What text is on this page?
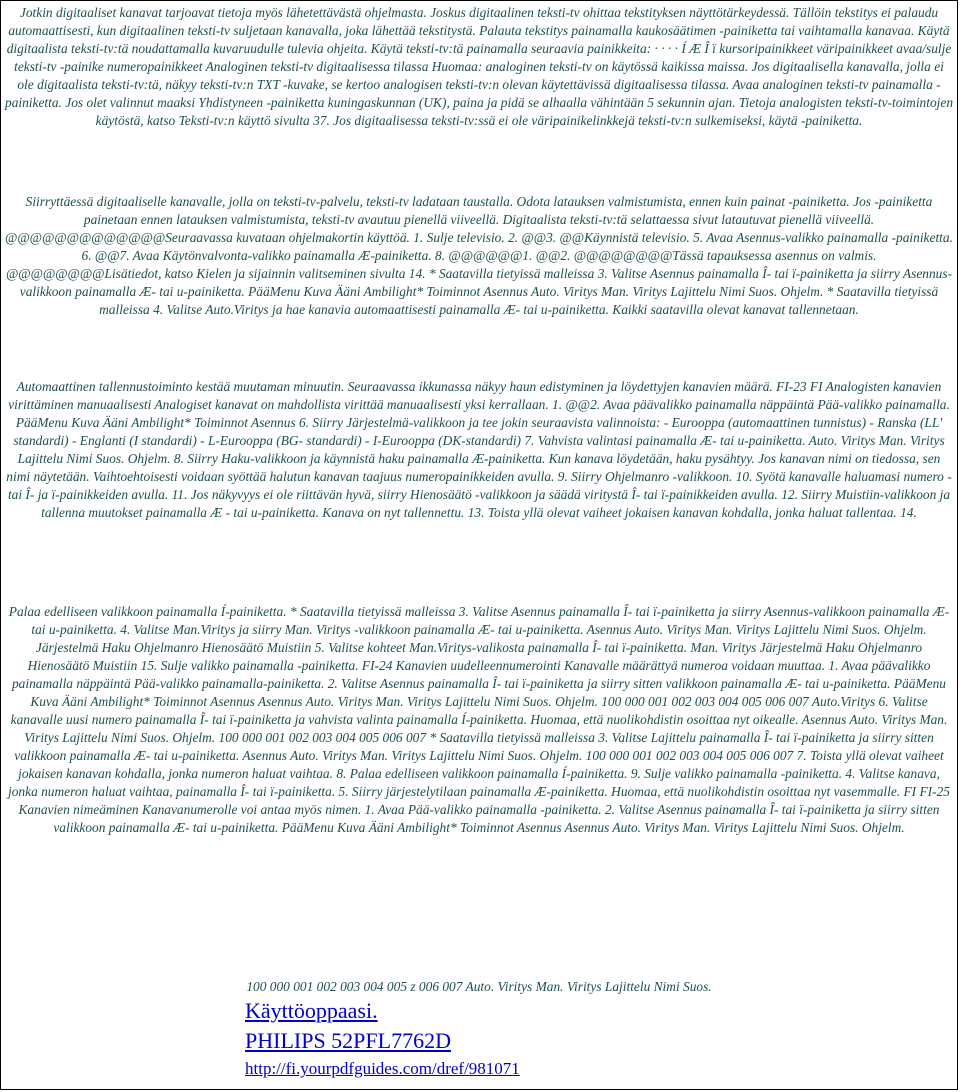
Jotkin digitaaliset kanavat tarjoavat tietoja myös lähetettävästä ohjelmasta. Joskus digitaalinen teksti-tv ohittaa tekstityksen näyttötärkeydessä. Tällöin tekstitys ei palaudu automaattisesti, kun digitaalinen teksti-tv suljetaan kanavalla, joka lähettää tekstitystä. Palauta tekstitys painamalla kaukosäätimen -painiketta tai vaihtamalla kanavaa. Käytä digitaalista teksti-tv:tä noudattamalla kuvaruudulle tulevia ohjeita. Käytä teksti-tv:tä painamalla seuraavia painikkeita: · · · · Í Æ Î ï kursoripainikkeet väripainikkeet avaa/sulje teksti-tv -painike numeropainikkeet Analoginen teksti-tv digitaalisessa tilassa Huomaa: analoginen teksti-tv on käytössä kaikissa maissa. Jos digitaalisella kanavalla, jolla ei ole digitaalista teksti-tv:tä, näkyy teksti-tv:n TXT -kuvake, se kertoo analogisen teksti-tv:n olevan käytettävissä digitaalisessa tilassa. Avaa analoginen teksti-tv painamalla -painiketta. Jos olet valinnut maaksi Yhdistyneen -painiketta kuningaskunnan (UK), paina ja pidä se alhaalla vähintään 5 sekunnin ajan. Tietoja analogisten teksti-tv-toimintojen käytöstä, katso Teksti-tv:n käyttö sivulta 37. Jos digitaalisessa teksti-tv:ssä ei ole väripainikelinkkejä teksti-tv:n sulkemiseksi, käytä -painiketta.

Siirryttäessä digitaaliselle kanavalle, jolla on teksti-tv-palvelu, teksti-tv ladataan taustalla. Odota latauksen valmistumista, ennen kuin painat -painiketta. Jos -painiketta painetaan ennen latauksen valmistumista, teksti-tv avautuu pienellä viiveellä. Digitaalista teksti-tv:tä selattaessa sivut latautuvat pienellä viiveellä. @@@@@@@@@@@@@Seuraavassa kuvataan ohjelmakortin käyttöä. 1. Sulje televisio. 2. @@3. @@Käynnistä televisio. 5. Avaa Asennus-valikko painamalla -painiketta. 6. @@7. Avaa Käytönvalvonta-valikko painamalla Æ-painiketta. 8. @@@@@@1. @@2. @@@@@@@@Tässä tapauksessa asennus on valmis. @@@@@@@@Lisätiedot, katso Kielen ja sijainnin valitseminen sivulta 14. * Saatavilla tietyissä malleissa 3. Valitse Asennus painamalla Î- tai ï-painiketta ja siirry Asennus-valikkoon painamalla Æ- tai u-painiketta. PääMenu Kuva Ääni Ambilight* Toiminnot Asennus Auto. Viritys Man. Viritys Lajittelu Nimi Suos. Ohjelm. * Saatavilla tietyissä malleissa 4. Valitse Auto.Viritys ja hae kanavia automaattisesti painamalla Æ- tai u-painiketta. Kaikki saatavilla olevat kanavat tallennetaan.

Automaattinen tallennustoiminto kestää muutaman minuutin. Seuraavassa ikkunassa näkyy haun edistyminen ja löydettyjen kanavien määrä. FI-23 FI Analogisten kanavien virittäminen manuaalisesti Analogiset kanavat on mahdollista virittää manuaalisesti yksi kerrallaan. 1. @@2. Avaa päävalikko painamalla näppäintä Pää-valikko painamalla. PääMenu Kuva Ääni Ambilight* Toiminnot Asennus 6. Siirry Järjestelmä-valikkoon ja tee jokin seuraavista valinnoista: - Eurooppa (automaattinen tunnistus) - Ranska (LL' standardi) - Englanti (I standardi) - L-Eurooppa (BG- standardi) - I-Eurooppa (DK-standardi) 7. Vahvista valintasi painamalla Æ- tai u-painiketta. Auto. Viritys Man. Viritys Lajittelu Nimi Suos. Ohjelm. 8. Siirry Haku-valikkoon ja käynnistä haku painamalla Æ-painiketta. Kun kanava löydetään, haku pysähtyy. Jos kanavan nimi on tiedossa, sen nimi näytetään. Vaihtoehtoisesti voidaan syöttää halutun kanavan taajuus numeropainikkeiden avulla. 9. Siirry Ohjelmanro -valikkoon. 10. Syötä kanavalle haluamasi numero - tai Î- ja ï-painikkeiden avulla. 11. Jos näkyvyys ei ole riittävän hyvä, siirry Hienosäätö -valikkoon ja säädä viritystä Î- tai ï-painikkeiden avulla. 12. Siirry Muistiin-valikkoon ja tallenna muutokset painamalla Æ - tai u-painiketta. Kanava on nyt tallennettu. 13. Toista yllä olevat vaiheet jokaisen kanavan kohdalla, jonka haluat tallentaa. 14.

Palaa edelliseen valikkoon painamalla Í-painiketta. * Saatavilla tietyissä malleissa 3. Valitse Asennus painamalla Î- tai ï-painiketta ja siirry Asennus-valikkoon painamalla Æ- tai u-painiketta. 4. Valitse Man.Viritys ja siirry Man. Viritys -valikkoon painamalla Æ- tai u-painiketta. Asennus Auto. Viritys Man. Viritys Lajittelu Nimi Suos. Ohjelm. Järjestelmä Haku Ohjelmanro Hienosäätö Muistiin 5. Valitse kohteet Man.Viritys-valikosta painamalla Î- tai ï-painiketta. Man. Viritys Järjestelmä Haku Ohjelmanro Hienosäätö Muistiin 15. Sulje valikko painamalla -painiketta. FI-24 Kanavien uudelleennumerointi Kanavalle määrättyä numeroa voidaan muuttaa. 1. Avaa päävalikko painamalla näppäintä Pää-valikko painamalla-painiketta. 2. Valitse Asennus painamalla Î- tai ï-painiketta ja siirry sitten valikkoon painamalla Æ- tai u-painiketta. PääMenu Kuva Ääni Ambilight* Toiminnot Asennus Asennus Auto. Viritys Man. Viritys Lajittelu Nimi Suos. Ohjelm. 100 000 001 002 003 004 005 006 007 Auto.Viritys 6. Valitse kanavalle uusi numero painamalla Î- tai ï-painiketta ja vahvista valinta painamalla Í-painiketta. Huomaa, että nuolikohdistin osoittaa nyt oikealle. Asennus Auto. Viritys Man. Viritys Lajittelu Nimi Suos. Ohjelm. 100 000 001 002 003 004 005 006 007 * Saatavilla tietyissä malleissa 3. Valitse Lajittelu painamalla Î- tai ï-painiketta ja siirry sitten valikkoon painamalla Æ- tai u-painiketta. Asennus Auto. Viritys Man. Viritys Lajittelu Nimi Suos. Ohjelm. 100 000 001 002 003 004 005 006 007 7. Toista yllä olevat vaiheet jokaisen kanavan kohdalla, jonka numeron haluat vaihtaa. 8. Palaa edelliseen valikkoon painamalla Í-painiketta. 9. Sulje valikko painamalla -painiketta. 4. Valitse kanava, jonka numeron haluat vaihtaa, painamalla Î- tai ï-painiketta. 5. Siirry järjestelytilaan painamalla Æ-painiketta. Huomaa, että nuolikohdistin osoittaa nyt vasemmalle. FI FI-25 Kanavien nimeäminen Kanavanumerolle voi antaa myös nimen. 1. Avaa Pää-valikko painamalla -painiketta. 2. Valitse Asennus painamalla Î- tai ï-painiketta ja siirry sitten valikkoon painamalla Æ- tai u-painiketta. PääMenu Kuva Ääni Ambilight* Toiminnot Asennus Asennus Auto. Viritys Man. Viritys Lajittelu Nimi Suos. Ohjelm.

100 000 001 002 003 004 005 z 006 007 Auto. Viritys Man. Viritys Lajittelu Nimi Suos.

Käyttöoppaasi.
PHILIPS 52PFL7762D
http://fi.yourpdfguides.com/dref/981071
